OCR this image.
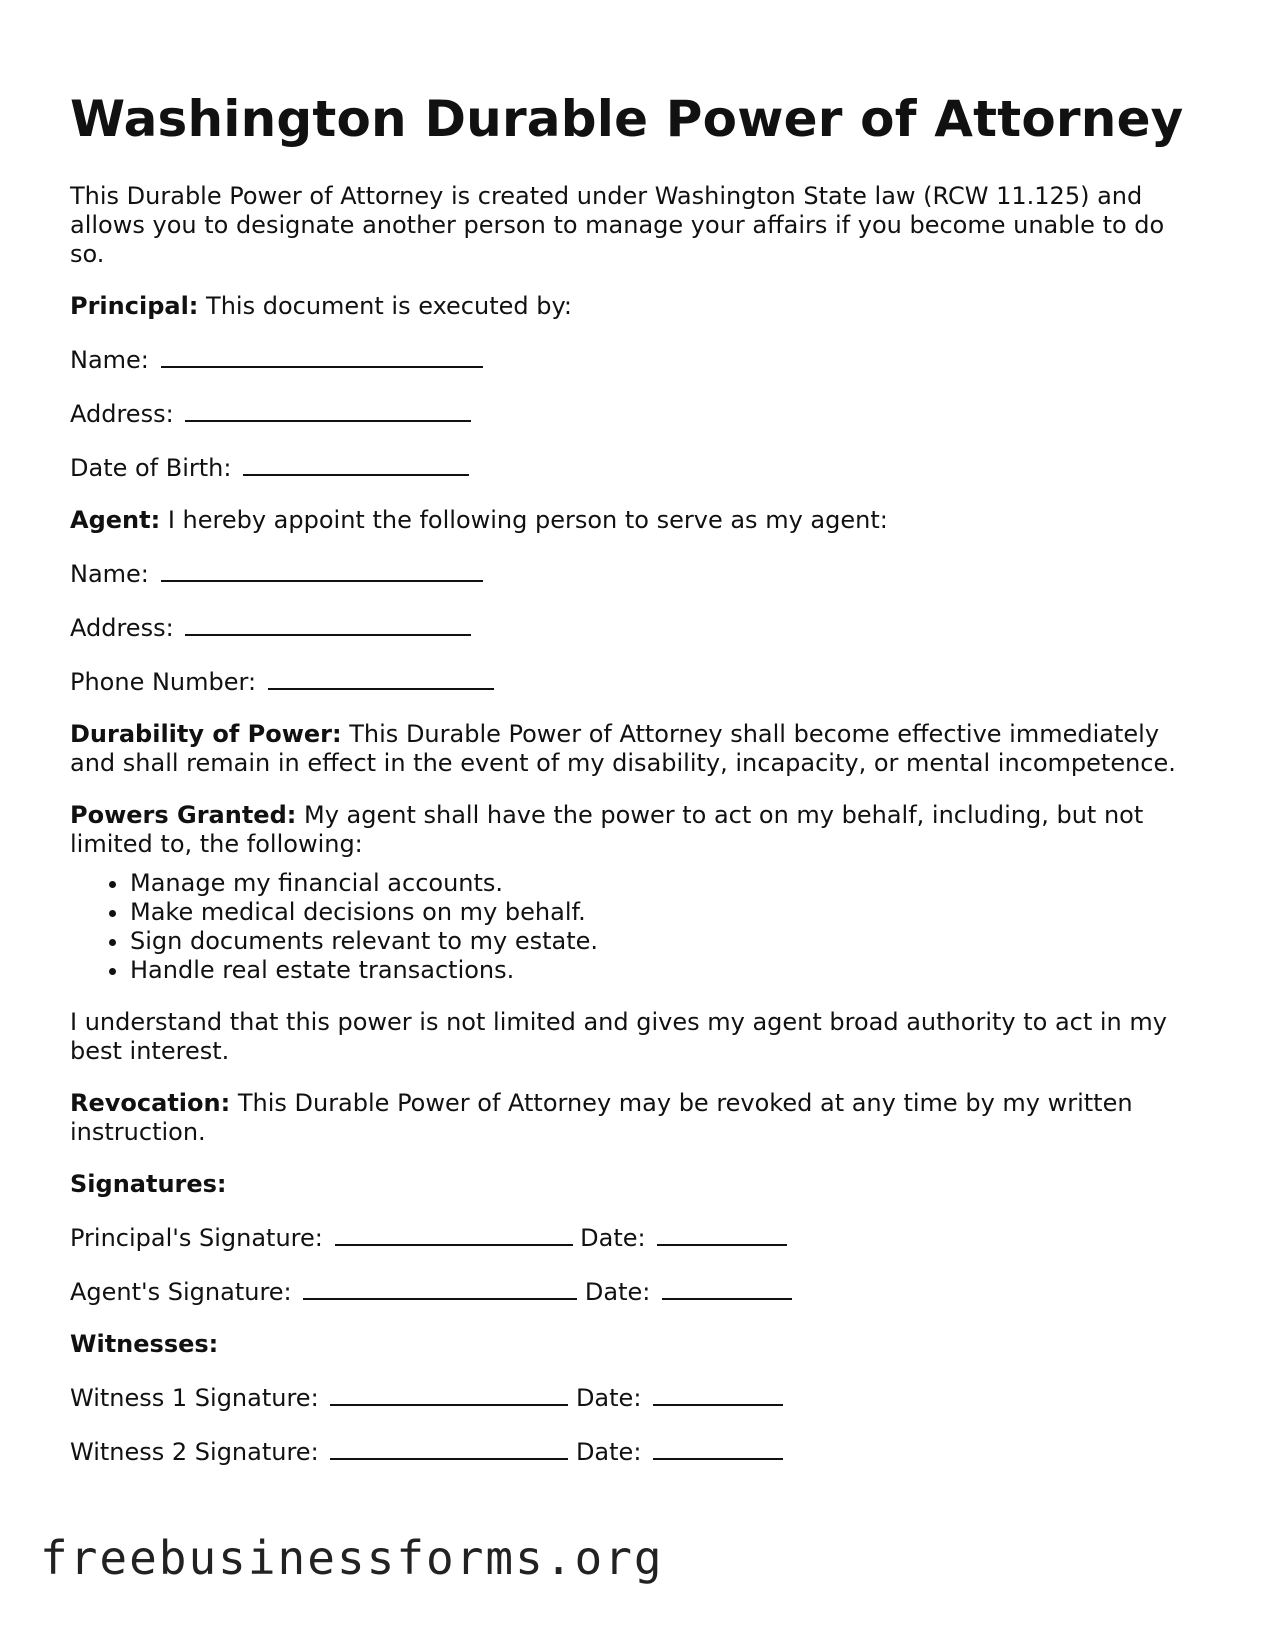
Washington Durable Power of Attorney

This Durable Power of Attorney is created under Washington State law (RCW 11.125) and allows you to designate another person to manage your affairs if you become unable to do so.

Principal: This document is executed by:

Name:

Address:

Date of Birth:

Agent: I hereby appoint the following person to serve as my agent:

Name:

Address:

Phone Number:

Durability of Power: This Durable Power of Attorney shall become effective immediately and shall remain in effect in the event of my disability, incapacity, or mental incompetence.

Powers Granted: My agent shall have the power to act on my behalf, including, but not limited to, the following:

• Manage my financial accounts.
• Make medical decisions on my behalf.
• Sign documents relevant to my estate.
• Handle real estate transactions.

I understand that this power is not limited and gives my agent broad authority to act in my best interest.

Revocation: This Durable Power of Attorney may be revoked at any time by my written instruction.

Signatures:

Principal's Signature:	Date:

Agent's Signature:	Date:

Witnesses:

Witness 1 Signature:	Date:

Witness 2 Signature:	Date:

freebusinessforms.org
